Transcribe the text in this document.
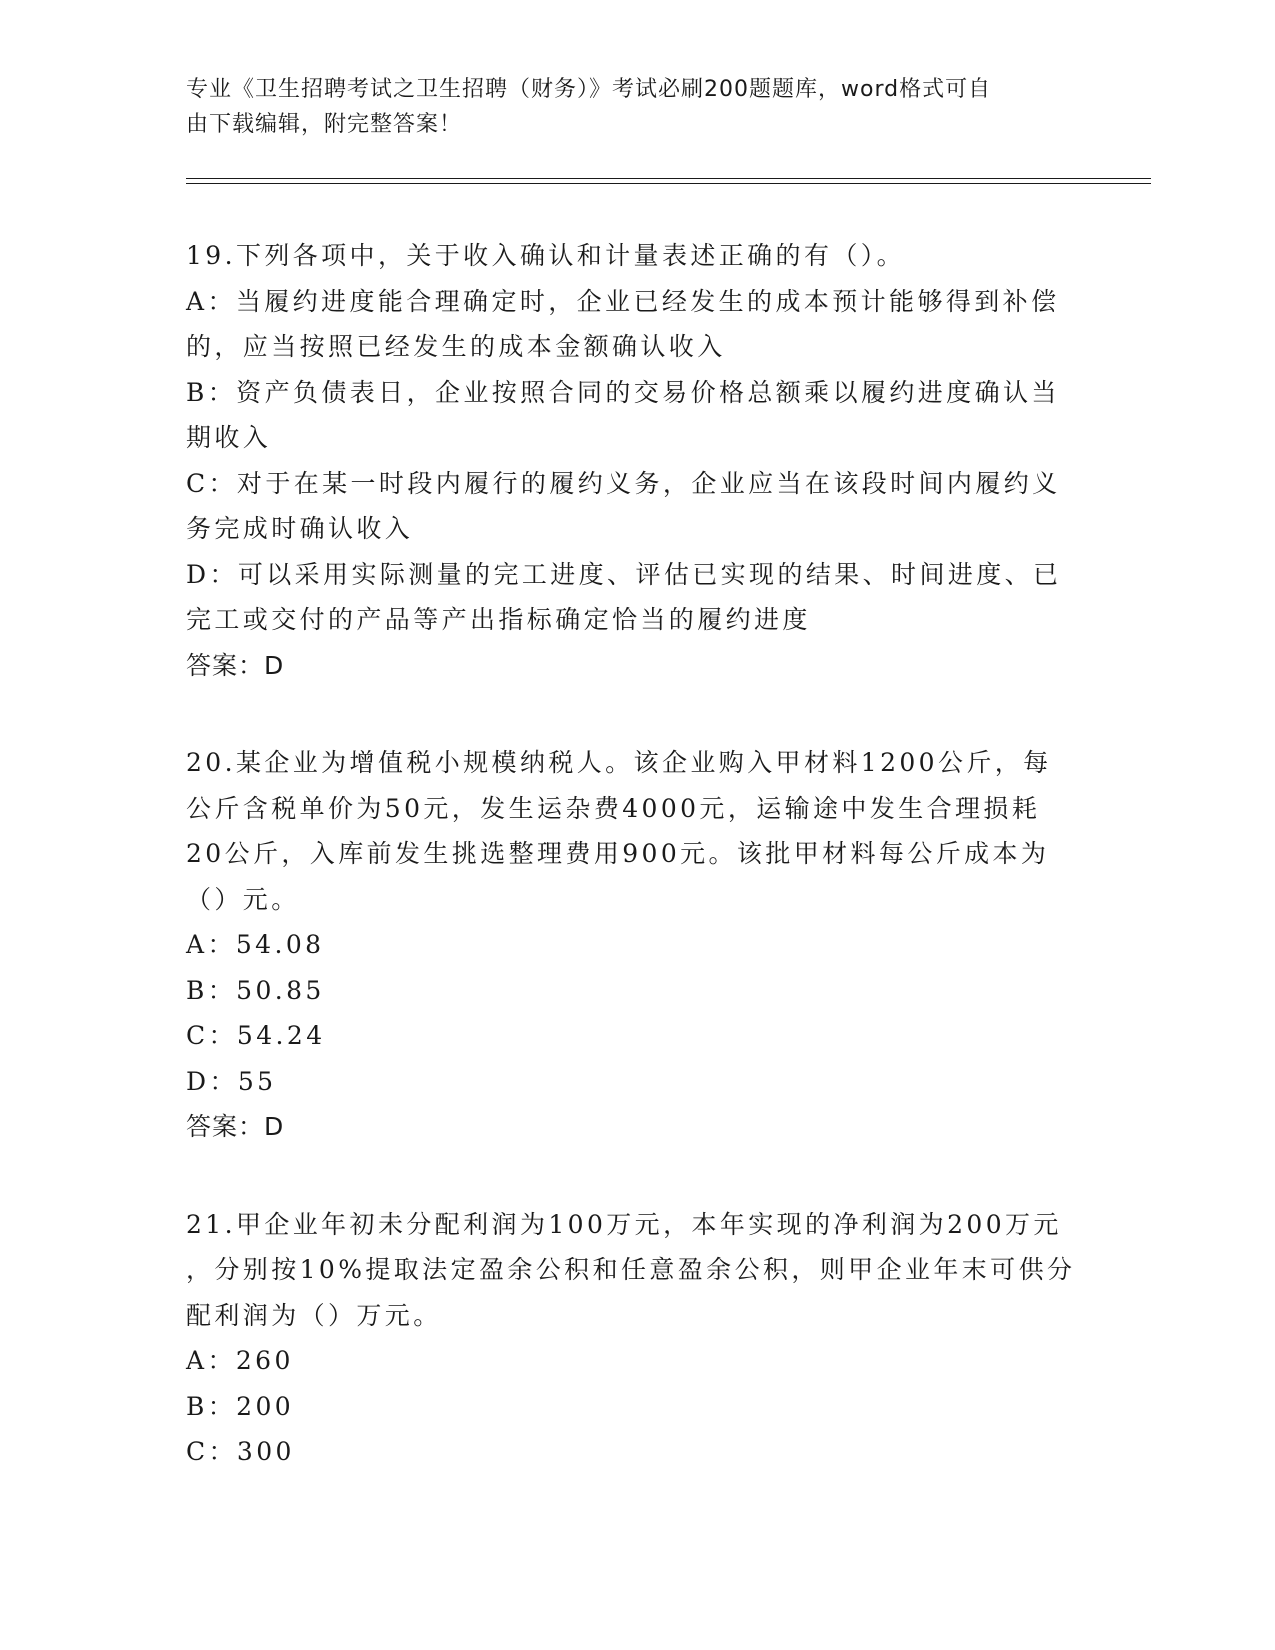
专业《卫生招聘考试之卫生招聘（财务）》考试必刷200题题库，word格式可自
由下载编辑，附完整答案！
19.下列各项中，关于收入确认和计量表述正确的有（）。
A：当履约进度能合理确定时，企业已经发生的成本预计能够得到补偿
的，应当按照已经发生的成本金额确认收入
B：资产负债表日，企业按照合同的交易价格总额乘以履约进度确认当
期收入
C：对于在某一时段内履行的履约义务，企业应当在该段时间内履约义
务完成时确认收入
D：可以采用实际测量的完工进度、评估已实现的结果、时间进度、已
完工或交付的产品等产出指标确定恰当的履约进度
答案：D
20.某企业为增值税小规模纳税人。该企业购入甲材料1200公斤，每
公斤含税单价为50元，发生运杂费4000元，运输途中发生合理损耗
20公斤，入库前发生挑选整理费用900元。该批甲材料每公斤成本为
（）元。
A：54.08
B：50.85
C：54.24
D：55
答案：D
21.甲企业年初未分配利润为100万元，本年实现的净利润为200万元
，分别按10%提取法定盈余公积和任意盈余公积，则甲企业年末可供分
配利润为（）万元。
A：260
B：200
C：300
